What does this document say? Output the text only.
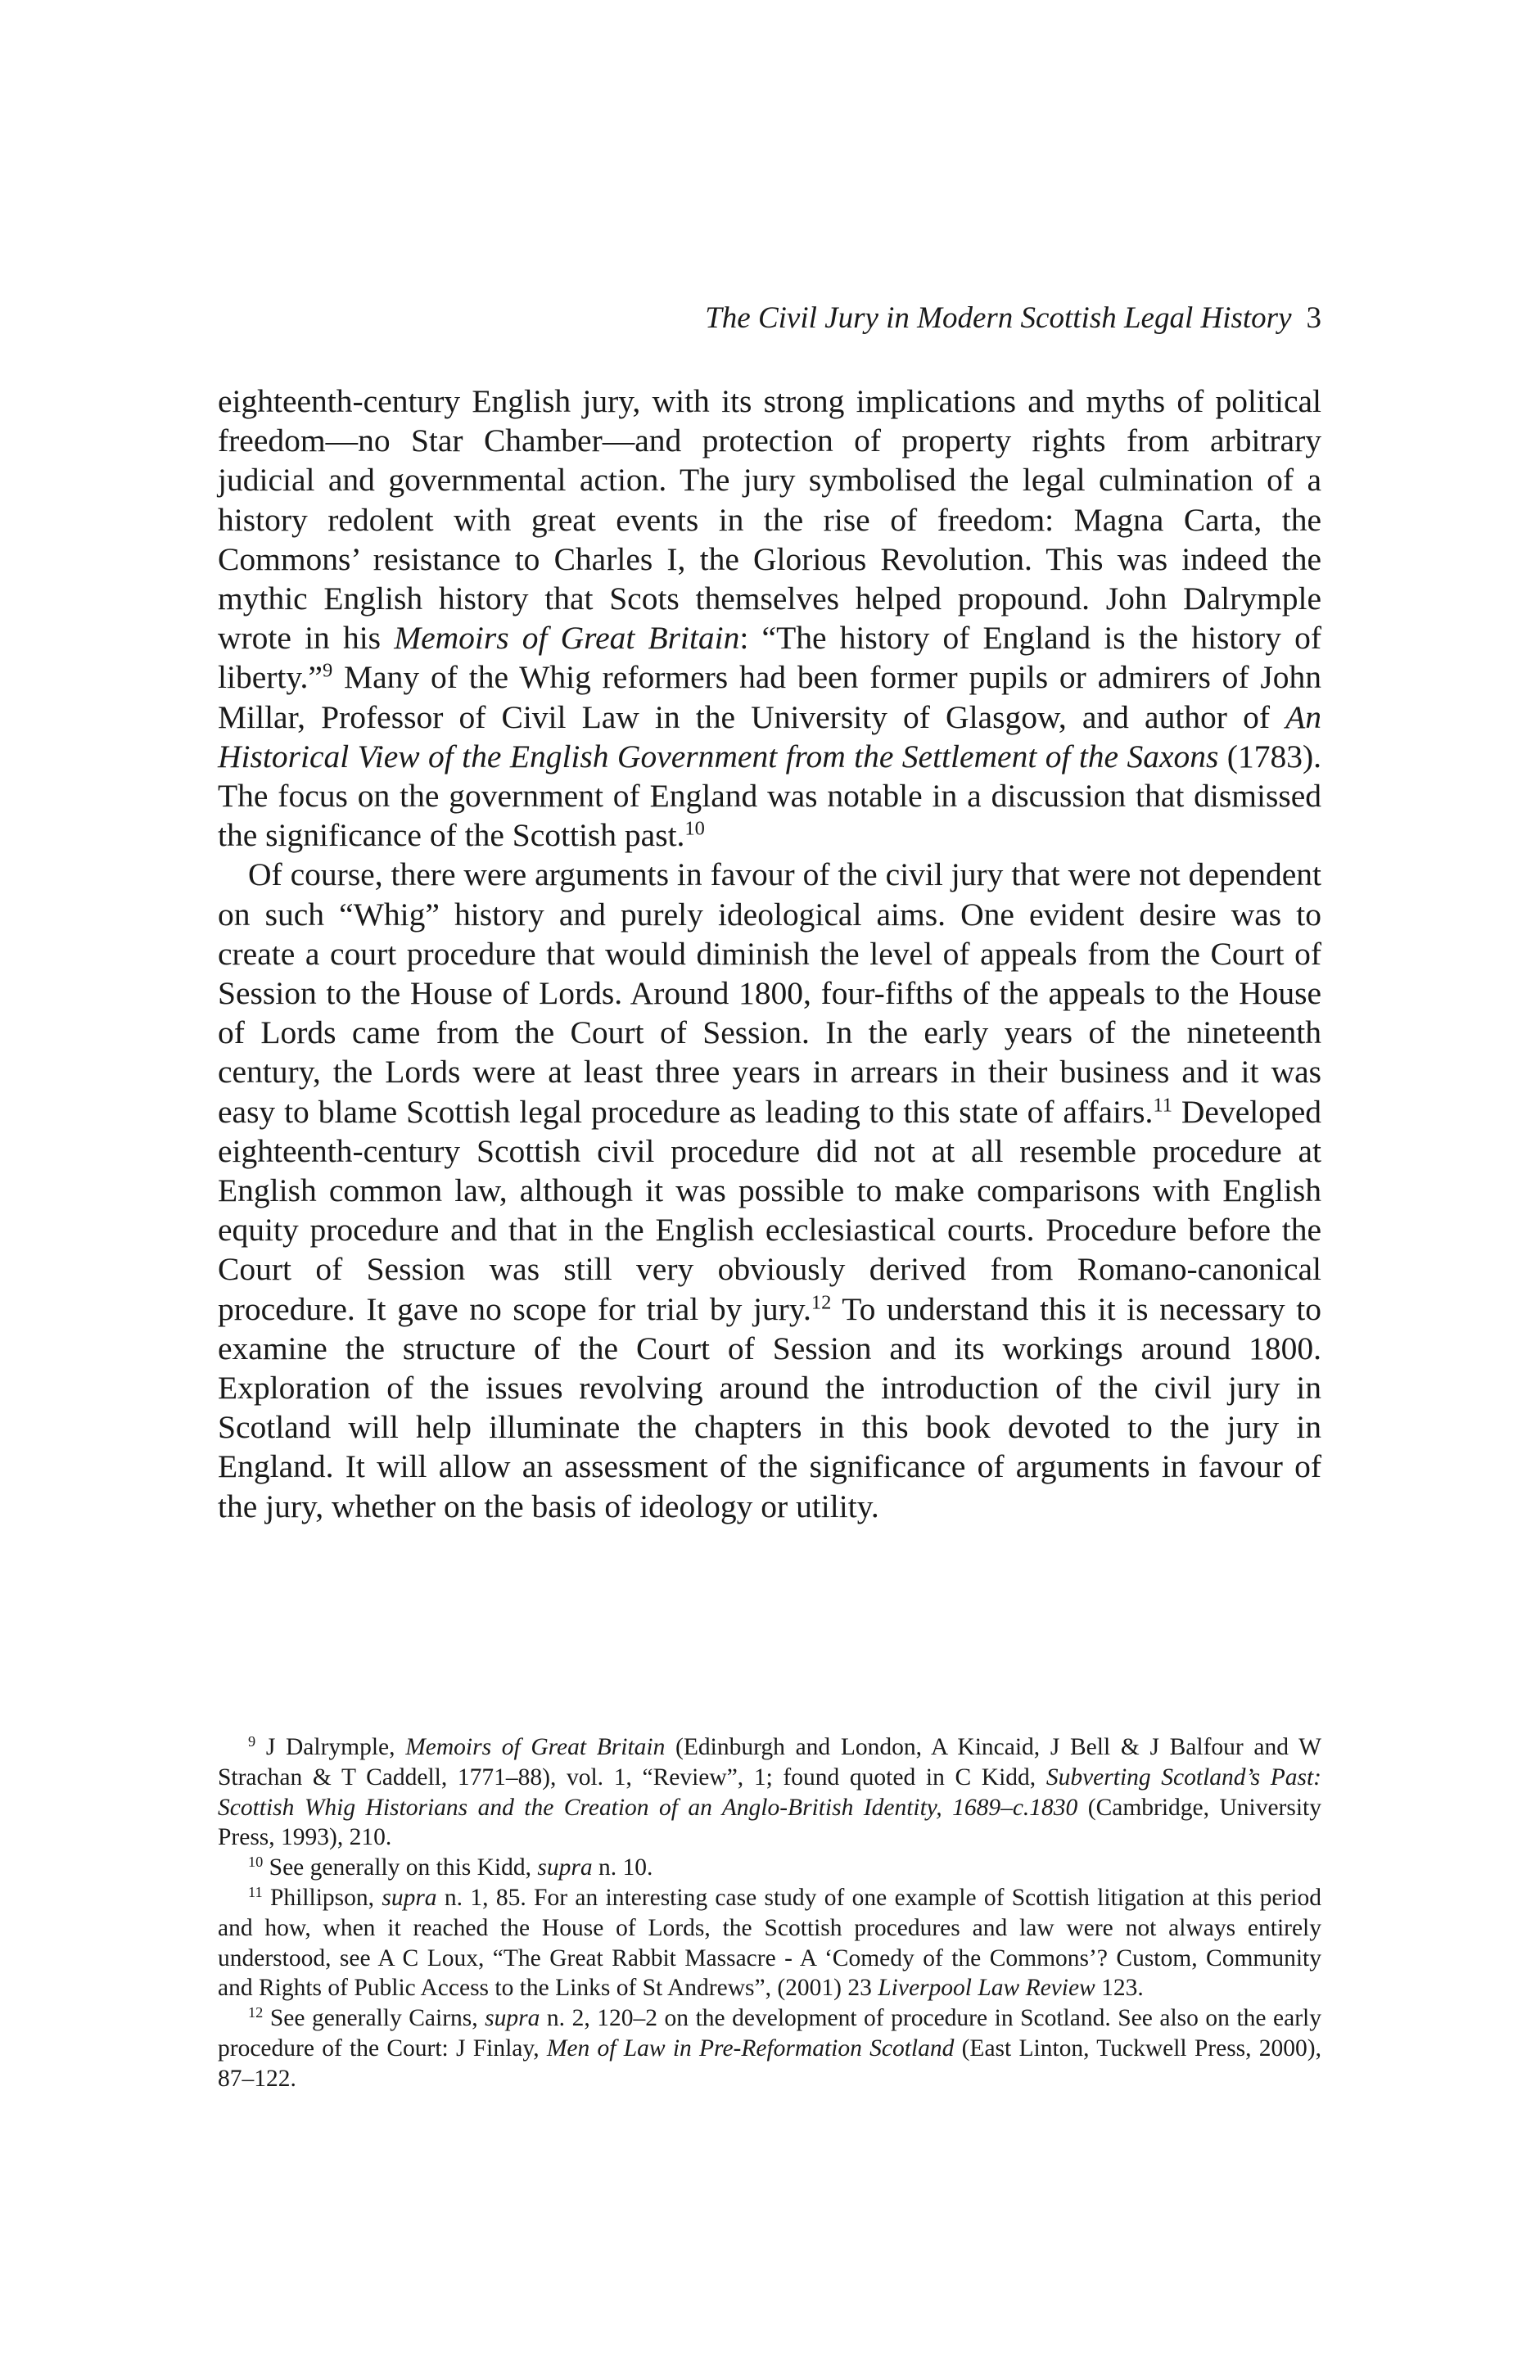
The Civil Jury in Modern Scottish Legal History 3

eighteenth-century English jury, with its strong implications and myths of political freedom—no Star Chamber—and protection of property rights from arbitrary judicial and governmental action. The jury symbolised the legal culmination of a history redolent with great events in the rise of freedom: Magna Carta, the Commons’ resistance to Charles I, the Glorious Revolution. This was indeed the mythic English history that Scots themselves helped propound. John Dalrymple wrote in his Memoirs of Great Britain: “The history of England is the history of liberty.”$^9$ Many of the Whig reformers had been former pupils or admirers of John Millar, Professor of Civil Law in the University of Glasgow, and author of An Historical View of the English Government from the Settlement of the Saxons (1783). The focus on the government of England was notable in a discussion that dismissed the significance of the Scottish past.$^{10}$

Of course, there were arguments in favour of the civil jury that were not dependent on such “Whig” history and purely ideological aims. One evident desire was to create a court procedure that would diminish the level of appeals from the Court of Session to the House of Lords. Around 1800, four-fifths of the appeals to the House of Lords came from the Court of Session. In the early years of the nineteenth century, the Lords were at least three years in arrears in their business and it was easy to blame Scottish legal procedure as leading to this state of affairs.$^{11}$ Developed eighteenth-century Scottish civil procedure did not at all resemble procedure at English common law, although it was possible to make comparisons with English equity procedure and that in the English ecclesiastical courts. Procedure before the Court of Session was still very obviously derived from Romano-canonical procedure. It gave no scope for trial by jury.$^{12}$ To understand this it is necessary to examine the structure of the Court of Session and its workings around 1800. Exploration of the issues revolving around the introduction of the civil jury in Scotland will help illuminate the chapters in this book devoted to the jury in England. It will allow an assessment of the significance of arguments in favour of the jury, whether on the basis of ideology or utility.

$^9$ J Dalrymple, Memoirs of Great Britain (Edinburgh and London, A Kincaid, J Bell & J Balfour and W Strachan & T Caddell, 1771–88), vol. 1, “Review”, 1; found quoted in C Kidd, Subverting Scotland’s Past: Scottish Whig Historians and the Creation of an Anglo-British Identity, 1689–c.1830 (Cambridge, University Press, 1993), 210.

$^{10}$ See generally on this Kidd, supra n. 10.

$^{11}$ Phillipson, supra n. 1, 85. For an interesting case study of one example of Scottish litigation at this period and how, when it reached the House of Lords, the Scottish procedures and law were not always entirely understood, see A C Loux, “The Great Rabbit Massacre - A ‘Comedy of the Commons’? Custom, Community and Rights of Public Access to the Links of St Andrews”, (2001) 23 Liverpool Law Review 123.

$^{12}$ See generally Cairns, supra n. 2, 120–2 on the development of procedure in Scotland. See also on the early procedure of the Court: J Finlay, Men of Law in Pre-Reformation Scotland (East Linton, Tuckwell Press, 2000), 87–122.
